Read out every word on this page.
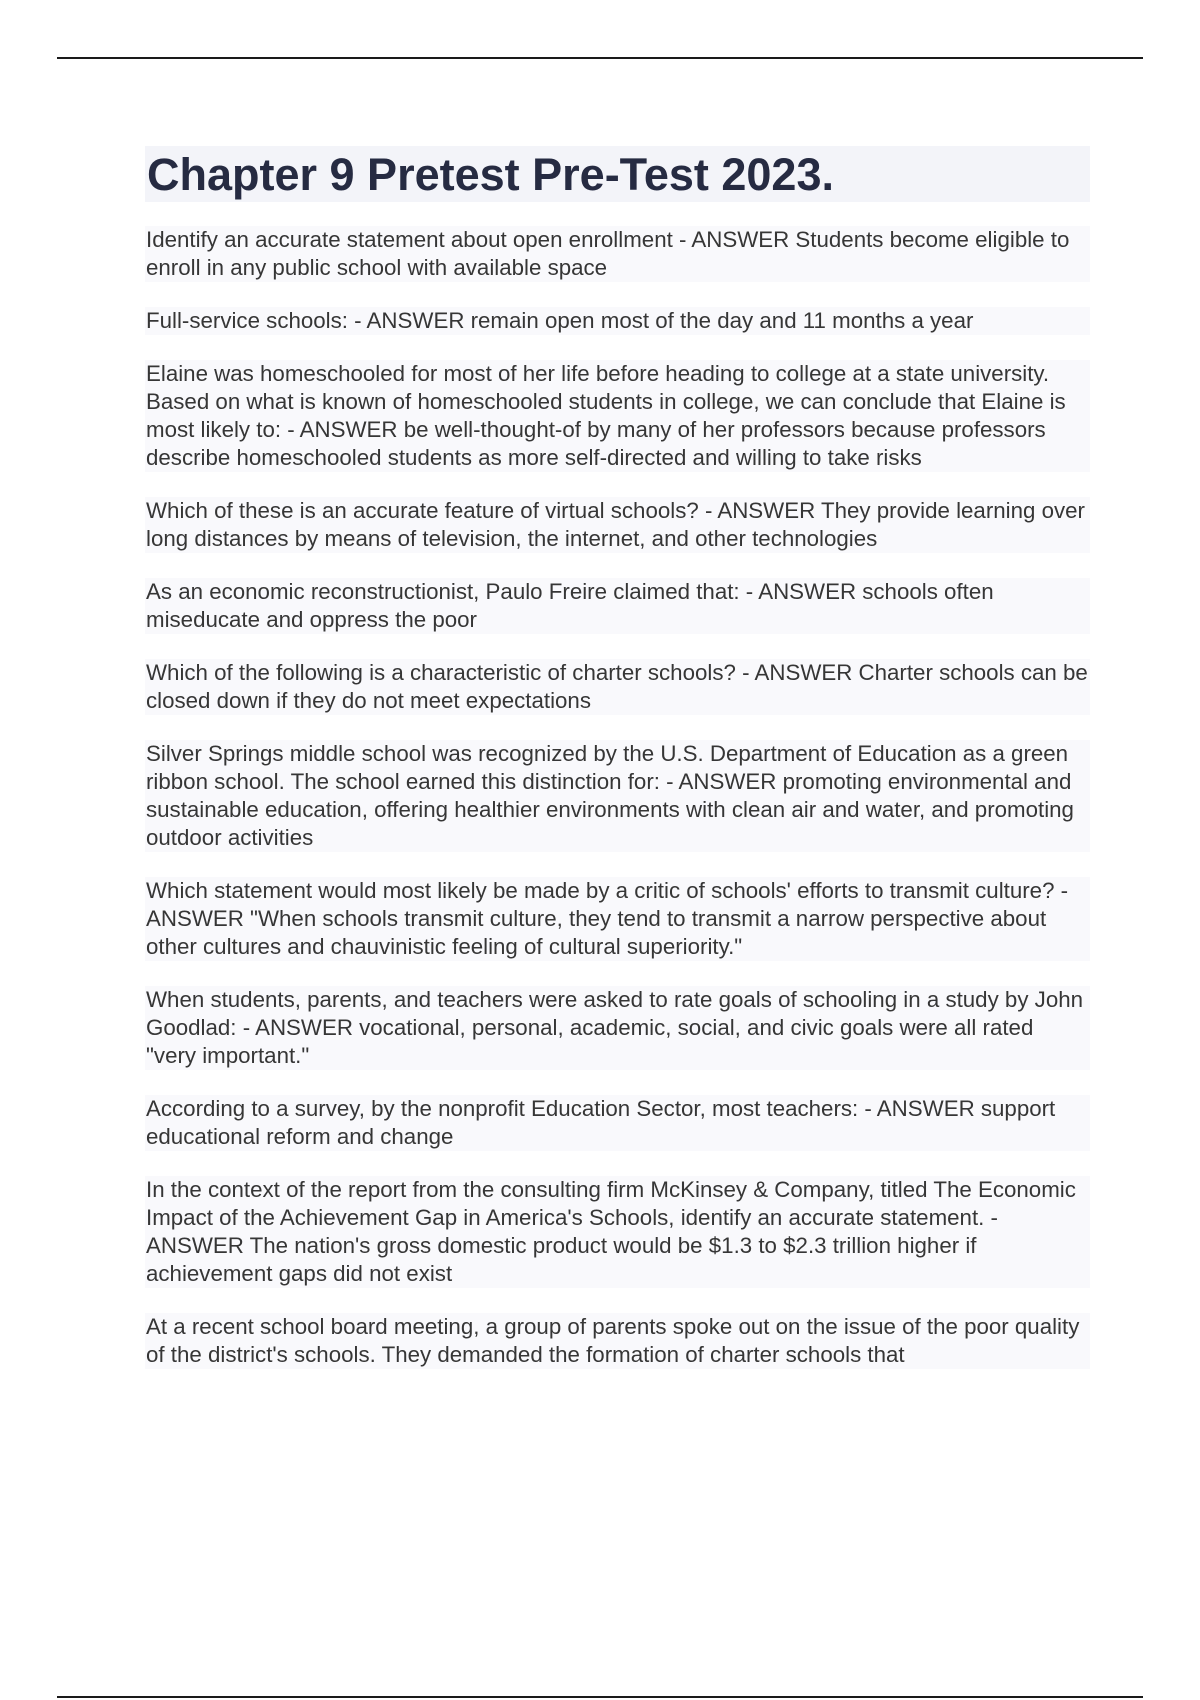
Chapter 9 Pretest Pre-Test 2023.

Identify an accurate statement about open enrollment - ANSWER Students become eligible to enroll in any public school with available space

Full-service schools: - ANSWER remain open most of the day and 11 months a year

Elaine was homeschooled for most of her life before heading to college at a state university. Based on what is known of homeschooled students in college, we can conclude that Elaine is most likely to: - ANSWER be well-thought-of by many of her professors because professors describe homeschooled students as more self-directed and willing to take risks

Which of these is an accurate feature of virtual schools? - ANSWER They provide learning over long distances by means of television, the internet, and other technologies

As an economic reconstructionist, Paulo Freire claimed that: - ANSWER schools often miseducate and oppress the poor

Which of the following is a characteristic of charter schools? - ANSWER Charter schools can be closed down if they do not meet expectations

Silver Springs middle school was recognized by the U.S. Department of Education as a green ribbon school. The school earned this distinction for: - ANSWER promoting environmental and sustainable education, offering healthier environments with clean air and water, and promoting outdoor activities

Which statement would most likely be made by a critic of schools' efforts to transmit culture? - ANSWER "When schools transmit culture, they tend to transmit a narrow perspective about other cultures and chauvinistic feeling of cultural superiority."

When students, parents, and teachers were asked to rate goals of schooling in a study by John Goodlad: - ANSWER vocational, personal, academic, social, and civic goals were all rated "very important."

According to a survey, by the nonprofit Education Sector, most teachers: - ANSWER support educational reform and change

In the context of the report from the consulting firm McKinsey & Company, titled The Economic Impact of the Achievement Gap in America's Schools, identify an accurate statement. - ANSWER The nation's gross domestic product would be $1.3 to $2.3 trillion higher if achievement gaps did not exist

At a recent school board meeting, a group of parents spoke out on the issue of the poor quality of the district's schools. They demanded the formation of charter schools that
